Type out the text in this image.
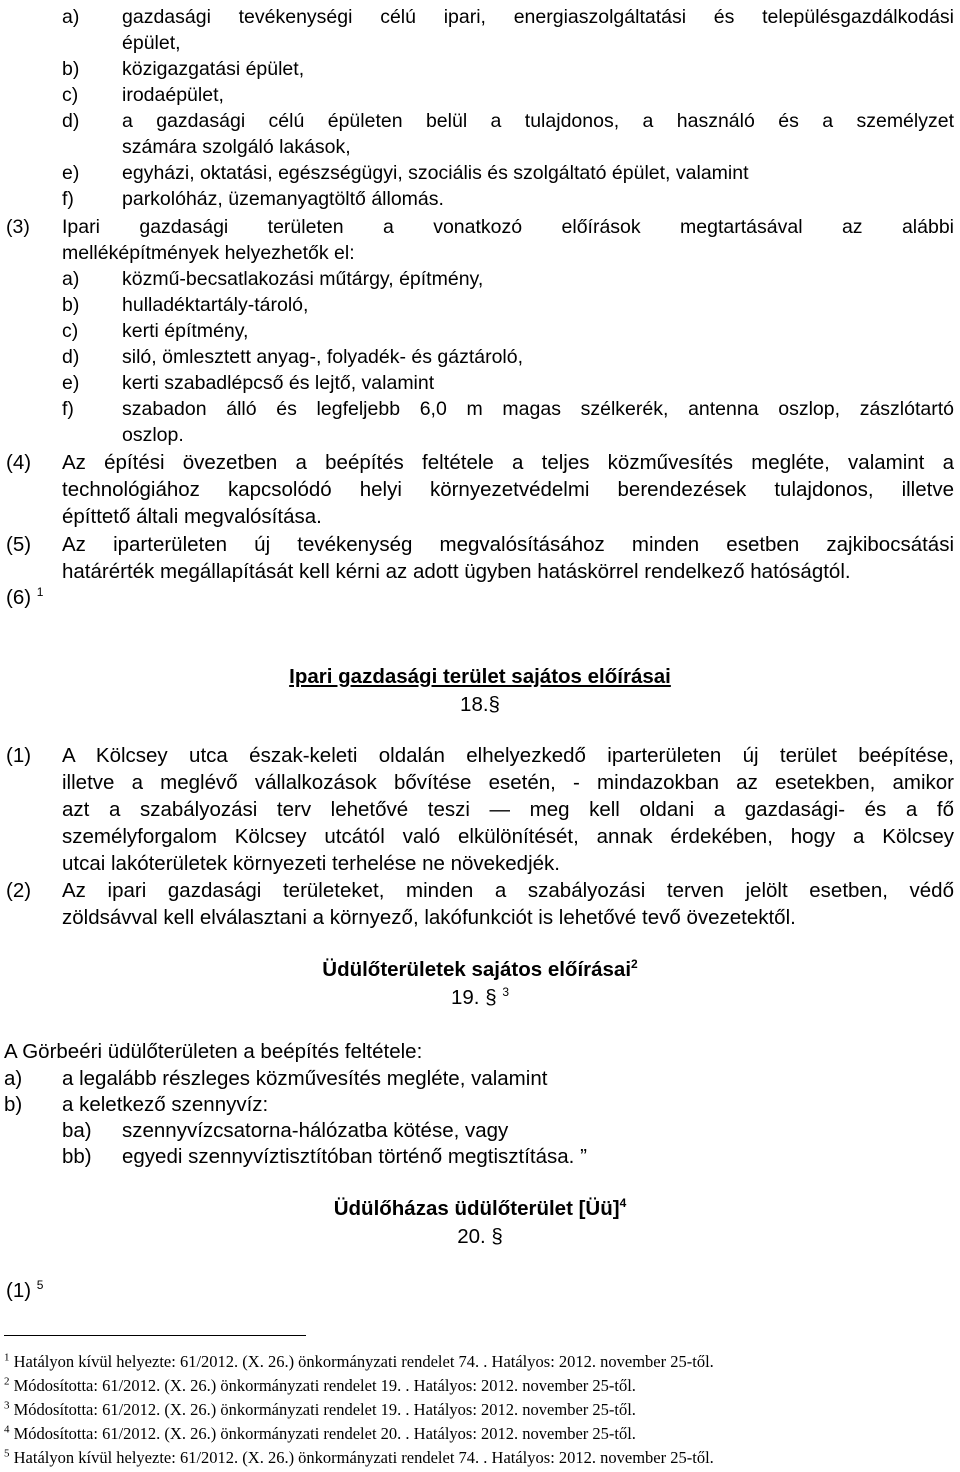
a) gazdasági tevékenységi célú ipari, energiaszolgáltatási és településgazdálkodási
épület,
b) közigazgatási épület,
c) irodaépület,
d) a gazdasági célú épületen belül a tulajdonos, a használó és a személyzet
számára szolgáló lakások,
e) egyházi, oktatási, egészségügyi, szociális és szolgáltató épület, valamint
f) parkolóház, üzemanyagtöltő állomás.
(3) Ipari gazdasági területen a vonatkozó előírások megtartásával az alábbi
melléképítmények helyezhetők el:
a) közmű-becsatlakozási műtárgy, építmény,
b) hulladéktartály-tároló,
c) kerti építmény,
d) siló, ömlesztett anyag-, folyadék- és gáztároló,
e) kerti szabadlépcső és lejtő, valamint
f) szabadon álló és legfeljebb 6,0 m magas szélkerék, antenna oszlop, zászlótartó
oszlop.
(4) Az építési övezetben a beépítés feltétele a teljes közművesítés megléte, valamint a
technológiához kapcsolódó helyi környezetvédelmi berendezések tulajdonos, illetve
építtető általi megvalósítása.
(5) Az iparterületen új tevékenység megvalósításához minden esetben zajkibocsátási
határérték megállapítását kell kérni az adott ügyben hatáskörrel rendelkező hatóságtól.
(6) $^1$
Ipari gazdasági terület sajátos előírásai
18.§
(1) A Kölcsey utca észak-keleti oldalán elhelyezkedő iparterületen új terület beépítése,
illetve a meglévő vállalkozások bővítése esetén, - mindazokban az esetekben, amikor
azt a szabályozási terv lehetővé teszi — meg kell oldani a gazdasági- és a fő
személyforgalom Kölcsey utcától való elkülönítését, annak érdekében, hogy a Kölcsey
utcai lakóterületek környezeti terhelése ne növekedjék.
(2) Az ipari gazdasági területeket, minden a szabályozási terven jelölt esetben, védő
zöldsávval kell elválasztani a környező, lakófunkciót is lehetővé tevő övezetektől.
Üdülőterületek sajátos előírásai$^2$
19. § $^3$
A Görbeéri üdülőterületen a beépítés feltétele:
a) a legalább részleges közművesítés megléte, valamint
b) a keletkező szennyvíz:
ba) szennyvízcsatorna-hálózatba kötése, vagy
bb) egyedi szennyvíztisztítóban történő megtisztítása. ”
Üdülőházas üdülőterület [Üü]$^4$
20. §
(1) $^5$
$^1$ Hatályon kívül helyezte: 61/2012. (X. 26.) önkormányzati rendelet 74. . Hatályos: 2012. november 25-től.
$^2$ Módosította: 61/2012. (X. 26.) önkormányzati rendelet 19. . Hatályos: 2012. november 25-től.
$^3$ Módosította: 61/2012. (X. 26.) önkormányzati rendelet 19. . Hatályos: 2012. november 25-től.
$^4$ Módosította: 61/2012. (X. 26.) önkormányzati rendelet 20. . Hatályos: 2012. november 25-től.
$^5$ Hatályon kívül helyezte: 61/2012. (X. 26.) önkormányzati rendelet 74. . Hatályos: 2012. november 25-től.
